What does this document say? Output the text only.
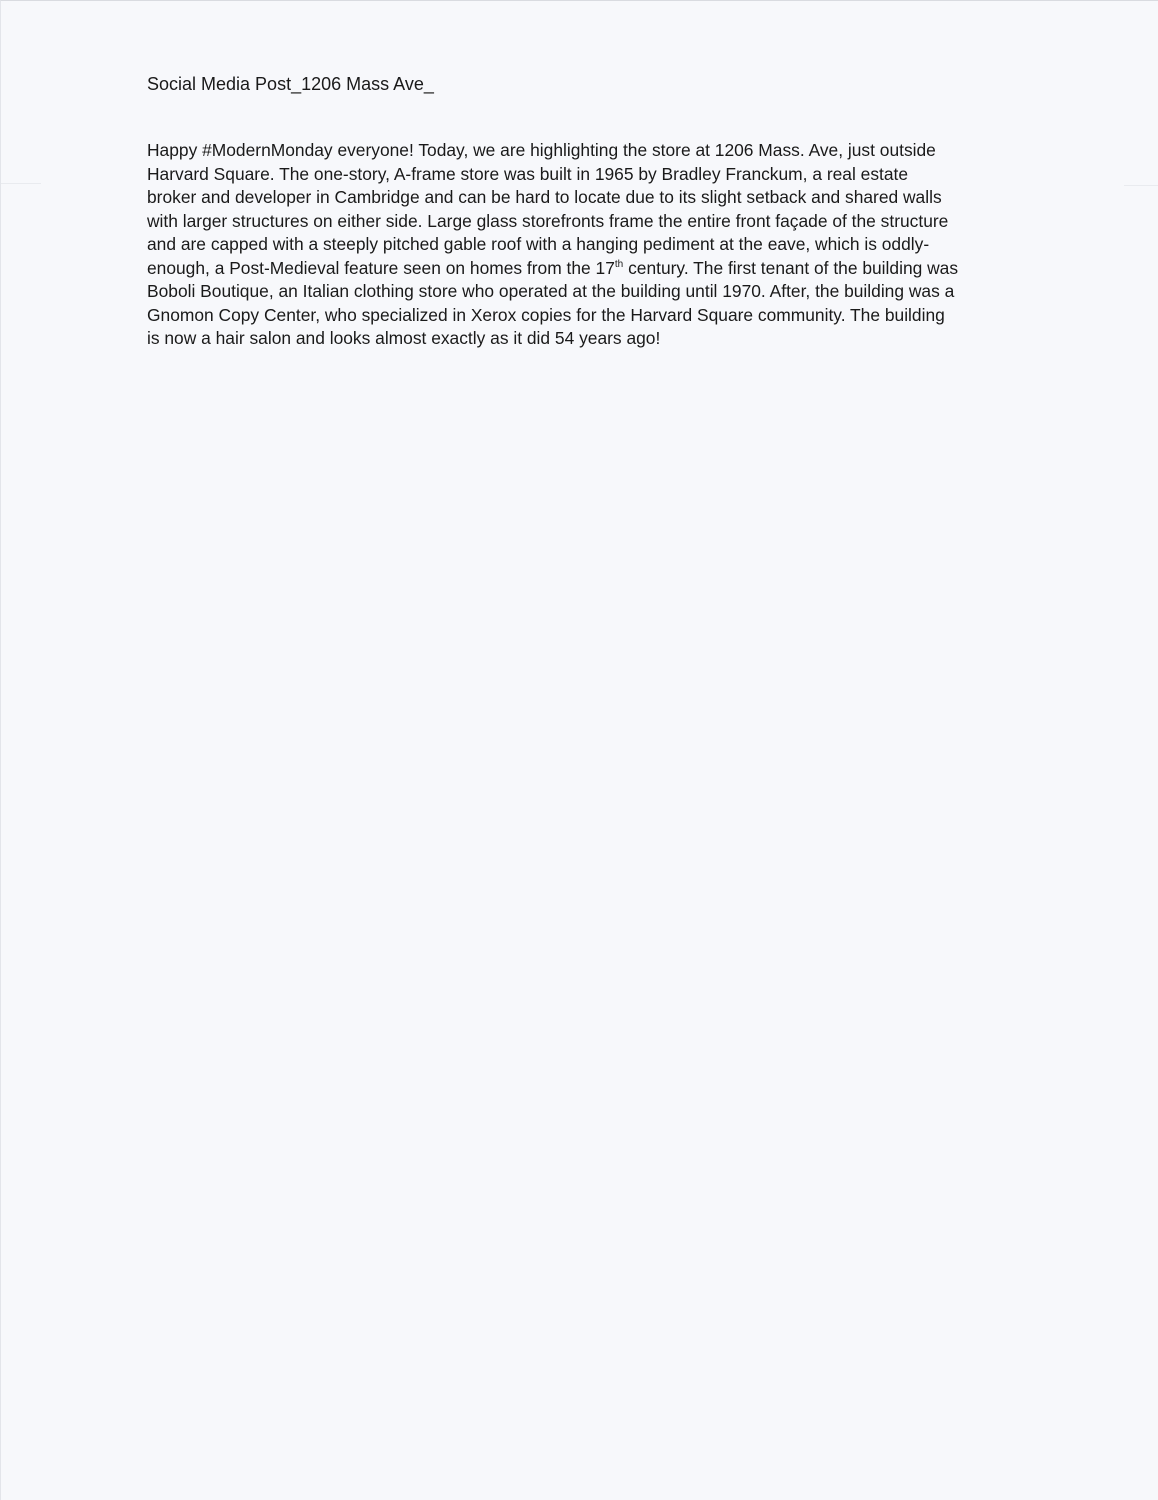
Social Media Post_1206 Mass Ave_
Happy #ModernMonday everyone! Today, we are highlighting the store at 1206 Mass. Ave, just outside
Harvard Square. The one-story, A-frame store was built in 1965 by Bradley Franckum, a real estate
broker and developer in Cambridge and can be hard to locate due to its slight setback and shared walls
with larger structures on either side. Large glass storefronts frame the entire front façade of the structure
and are capped with a steeply pitched gable roof with a hanging pediment at the eave, which is oddly-
enough, a Post-Medieval feature seen on homes from the 17th century. The first tenant of the building was
Boboli Boutique, an Italian clothing store who operated at the building until 1970. After, the building was a
Gnomon Copy Center, who specialized in Xerox copies for the Harvard Square community. The building
is now a hair salon and looks almost exactly as it did 54 years ago!
